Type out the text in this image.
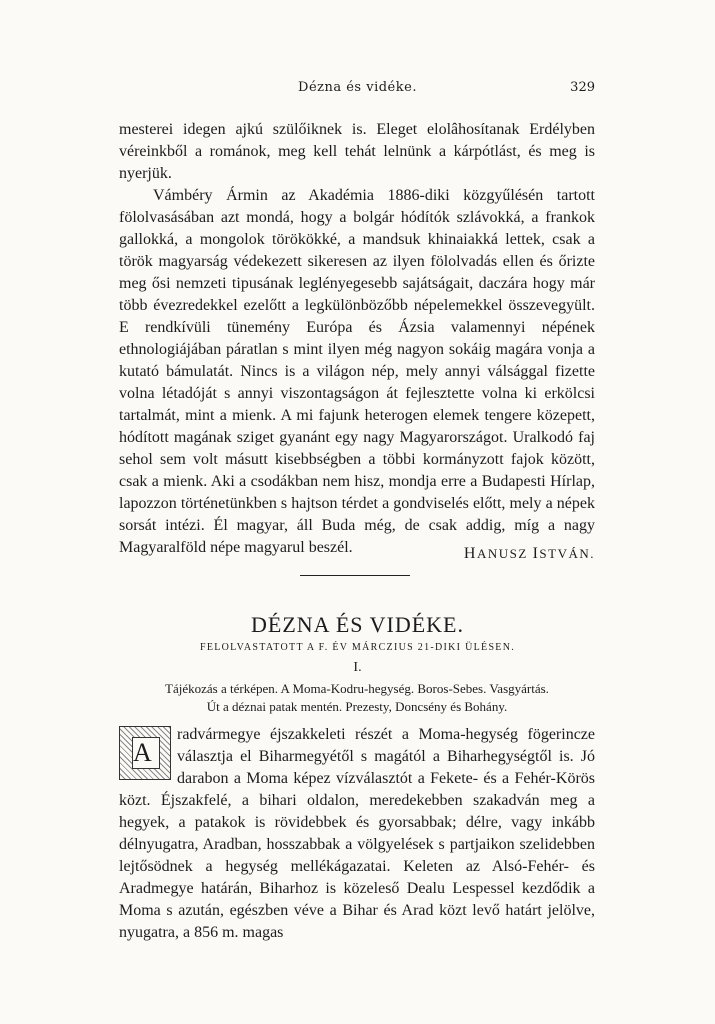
Dézna és vidéke.	329

mesterei idegen ajkú szülőiknek is. Eleget elolâhosítanak Erdélyben véreinkből a románok, meg kell tehát lelnünk a kárpótlást, és meg is nyerjük.

Vámbéry Ármin az Akadémia 1886-diki közgyűlésén tartott fölolvasásában azt mondá, hogy a bolgár hódítók szlávokká, a frankok gallokká, a mongolok törökökké, a mandsuk khinaiakká lettek, csak a török magyarság védekezett sikeresen az ilyen fölolvadás ellen és őrizte meg ősi nemzeti tipusának leglényegesebb sajátságait, daczára hogy már több évezredekkel ezelőtt a legkülönbözőbb népelemekkel összevegyült. E rendkívüli tünemény Európa és Ázsia valamennyi népének ethnologiájában páratlan s mint ilyen még nagyon sokáig magára vonja a kutató bámulatát. Nincs is a világon nép, mely annyi válsággal fizette volna létadóját s annyi viszontagságon át fejlesztette volna ki erkölcsi tartalmát, mint a mienk. A mi fajunk heterogen elemek tengere közepett, hódított magának sziget gyanánt egy nagy Magyarországot. Uralkodó faj sehol sem volt másutt kisebbségben a többi kormányzott fajok között, csak a mienk. Aki a csodákban nem hisz, mondja erre a Budapesti Hírlap, lapozzon történetünkben s hajtson térdet a gondviselés előtt, mely a népek sorsát intézi. Él magyar, áll Buda még, de csak addig, míg a nagy Magyaralföld népe magyarul beszél.	HANUSZ ISTVÁN.

DÉZNA ÉS VIDÉKE.
FELOLVASTATOTT A F. ÉV MÁRCZIUS 21-DIKI ÜLÉSEN.
I.
Tájékozás a térképen. A Moma-Kodru-hegység. Boros-Sebes. Vasgyártás.
Út a déznai patak mentén. Prezesty, Doncsény és Bohány.

A
radvármegye éjszakkeleti részét a Moma-hegység fögerinczе választja el Biharmegyétől s magától a Biharhegységtől is. Jó darabon a Moma képez vízválasztót a Fekete- és a Fehér-Körös közt. Éjszakfelé, a bihari oldalon, meredekebben szakadván meg a hegyek, a patakok is rövidebbek és gyorsabbak; délre, vagy inkább délnyugatra, Aradban, hosszabbak a völgyelések s partjaikon szelidebben lejtősödnek a hegység mellékágazatai. Keleten az Alsó-Fehér- és Aradmegye határán, Biharhoz is közeleső Dealu Lespessel kezdődik a Moma s azután, egészben véve a Bihar és Arad közt levő határt jelölve, nyugatra, a 856 m. magas
